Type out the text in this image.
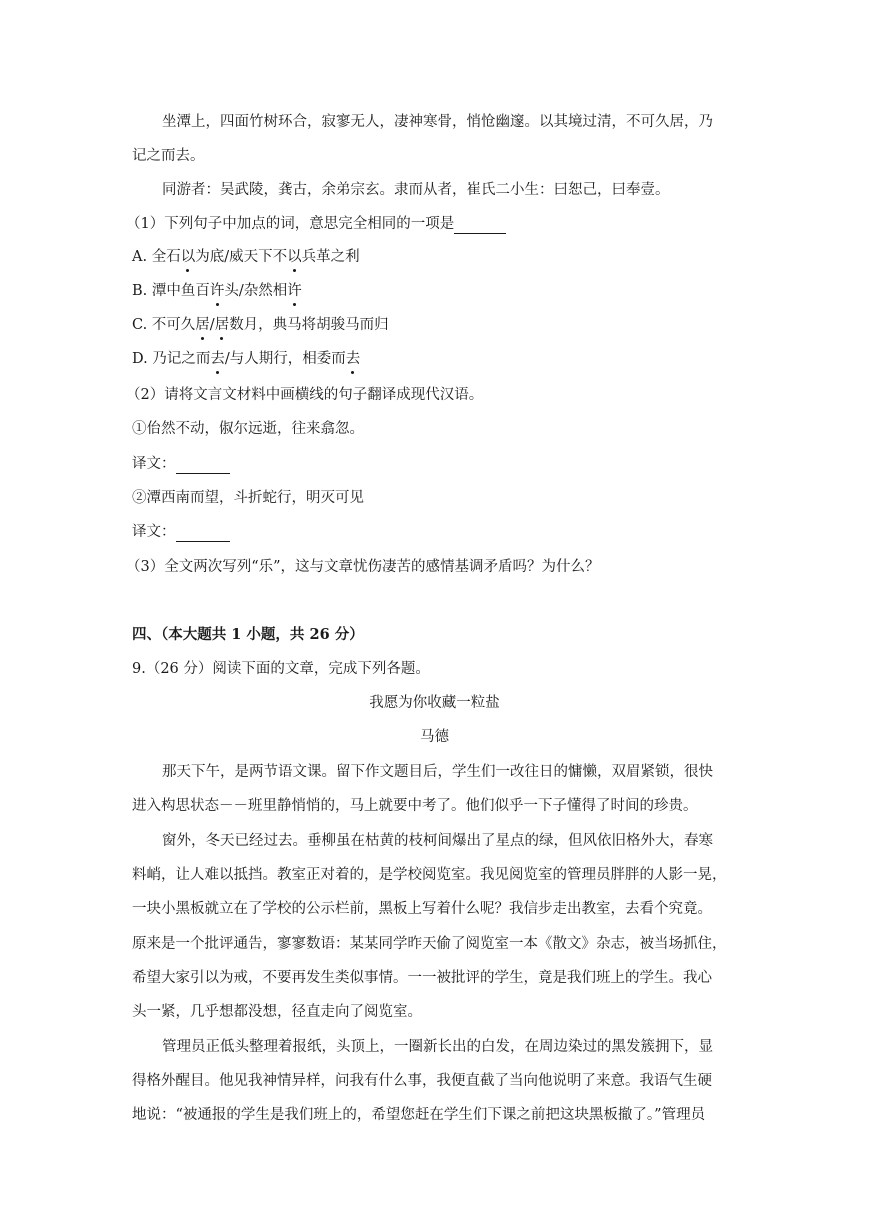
坐潭上，四面竹树环合，寂寥无人，凄神寒骨，悄怆幽邃。以其境过清，不可久居，乃
记之而去。
同游者：吴武陵，龚古，余弟宗玄。隶而从者，崔氏二小生：曰恕己，曰奉壹。
（1）下列句子中加点的词，意思完全相同的一项是
A. 全石以为底/威天下不以兵革之利
B. 潭中鱼百许头/杂然相许
C. 不可久居/居数月，典马将胡骏马而归
D. 乃记之而去/与人期行，相委而去
（2）请将文言文材料中画横线的句子翻译成现代汉语。
①佁然不动，俶尔远逝，往来翕忽。
译文：
②潭西南而望，斗折蛇行，明灭可见
译文：
（3）全文两次写列“乐”，这与文章忧伤凄苦的感情基调矛盾吗？为什么？
四、（本大题共 1 小题，共 26 分）
9.（26 分）阅读下面的文章，完成下列各题。
我愿为你收藏一粒盐
马德
那天下午，是两节语文课。留下作文题目后，学生们一改往日的慵懒，双眉紧锁，很快
进入构思状态－－班里静悄悄的，马上就要中考了。他们似乎一下子懂得了时间的珍贵。
窗外，冬天已经过去。垂柳虽在枯黄的枝柯间爆出了星点的绿，但风依旧格外大，春寒
料峭，让人难以抵挡。教室正对着的，是学校阅览室。我见阅览室的管理员胖胖的人影一晃，
一块小黑板就立在了学校的公示栏前，黑板上写着什么呢？我信步走出教室，去看个究竟。
原来是一个批评通告，寥寥数语：某某同学昨天偷了阅览室一本《散文》杂志，被当场抓住，
希望大家引以为戒，不要再发生类似事情。一一被批评的学生，竟是我们班上的学生。我心
头一紧，几乎想都没想，径直走向了阅览室。
管理员正低头整理着报纸，头顶上，一圈新长出的白发，在周边染过的黑发簇拥下，显
得格外醒目。他见我神情异样，问我有什么事，我便直截了当向他说明了来意。我语气生硬
地说：“被通报的学生是我们班上的，希望您赶在学生们下课之前把这块黑板撤了。”管理员
